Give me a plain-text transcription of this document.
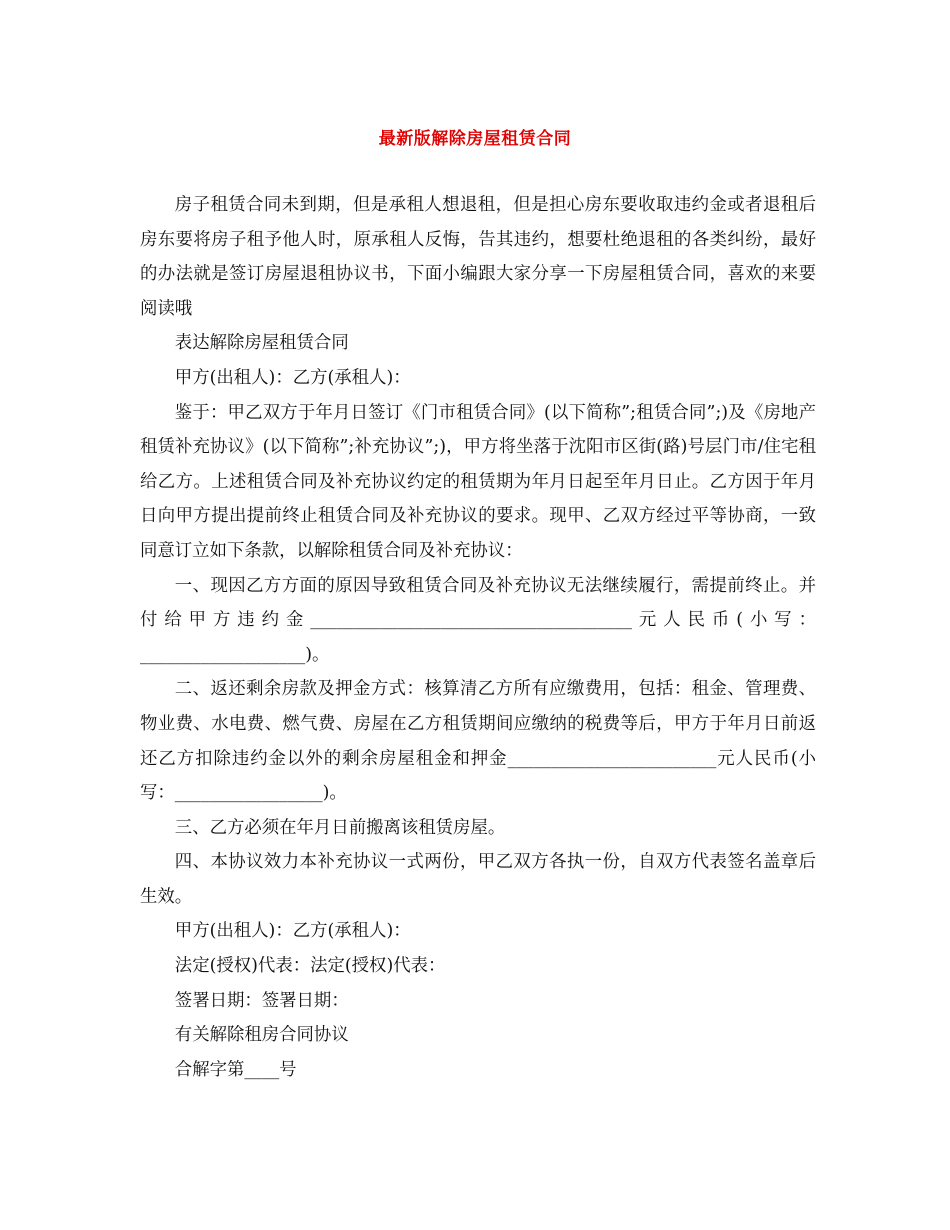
最新版解除房屋租赁合同

房子租赁合同未到期，但是承租人想退租，但是担心房东要收取违约金或者退租后房东要将房子租予他人时，原承租人反悔，告其违约，想要杜绝退租的各类纠纷，最好的办法就是签订房屋退租协议书，下面小编跟大家分享一下房屋租赁合同，喜欢的来要阅读哦

表达解除房屋租赁合同

甲方(出租人)：乙方(承租人)：

鉴于：甲乙双方于年月日签订《门市租赁合同》(以下简称”;租赁合同”;)及《房地产租赁补充协议》(以下简称”;补充协议”;)，甲方将坐落于沈阳市区街(路)号层门市/住宅租给乙方。上述租赁合同及补充协议约定的租赁期为年月日起至年月日止。乙方因于年月日向甲方提出提前终止租赁合同及补充协议的要求。现甲、乙双方经过平等协商，一致同意订立如下条款，以解除租赁合同及补充协议：

一、现因乙方方面的原因导致租赁合同及补充协议无法继续履行，需提前终止。并付给甲方违约金_____________________________________元人民币(小写：___________________)。

二、返还剩余房款及押金方式：核算清乙方所有应缴费用，包括：租金、管理费、物业费、水电费、燃气费、房屋在乙方租赁期间应缴纳的税费等后，甲方于年月日前返还乙方扣除违约金以外的剩余房屋租金和押金________________________元人民币(小写：_________________)。

三、乙方必须在年月日前搬离该租赁房屋。

四、本协议效力本补充协议一式两份，甲乙双方各执一份，自双方代表签名盖章后生效。

甲方(出租人)：乙方(承租人)：

法定(授权)代表：法定(授权)代表：

签署日期：签署日期：

有关解除租房合同协议

合解字第____号
